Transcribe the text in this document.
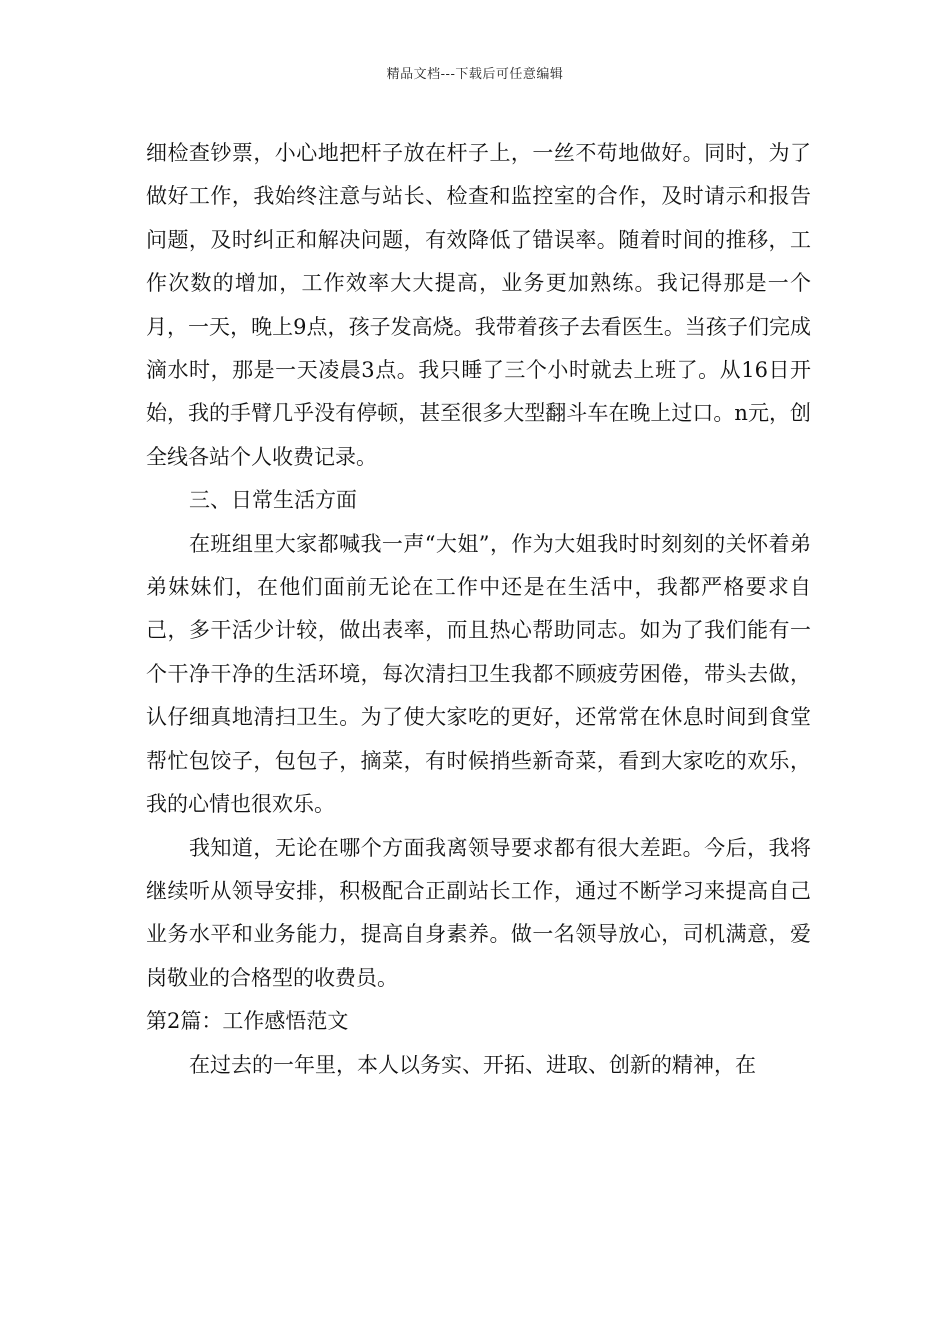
精品文档---下载后可任意编辑

细检查钞票，小心地把杆子放在杆子上，一丝不苟地做好。同时，为了做好工作，我始终注意与站长、检查和监控室的合作，及时请示和报告问题，及时纠正和解决问题，有效降低了错误率。随着时间的推移，工作次数的增加，工作效率大大提高，业务更加熟练。我记得那是一个月，一天，晚上9点，孩子发高烧。我带着孩子去看医生。当孩子们完成滴水时，那是一天凌晨3点。我只睡了三个小时就去上班了。从16日开始，我的手臂几乎没有停顿，甚至很多大型翻斗车在晚上过口。n元，创全线各站个人收费记录。

三、日常生活方面

在班组里大家都喊我一声“大姐”，作为大姐我时时刻刻的关怀着弟弟妹妹们，在他们面前无论在工作中还是在生活中，我都严格要求自己，多干活少计较，做出表率，而且热心帮助同志。如为了我们能有一个干净干净的生活环境，每次清扫卫生我都不顾疲劳困倦，带头去做，认仔细真地清扫卫生。为了使大家吃的更好，还常常在休息时间到食堂帮忙包饺子，包包子，摘菜，有时候捎些新奇菜，看到大家吃的欢乐，我的心情也很欢乐。

我知道，无论在哪个方面我离领导要求都有很大差距。今后，我将继续听从领导安排，积极配合正副站长工作，通过不断学习来提高自己业务水平和业务能力，提高自身素养。做一名领导放心，司机满意，爱岗敬业的合格型的收费员。

第2篇：工作感悟范文

在过去的一年里，本人以务实、开拓、进取、创新的精神，在
